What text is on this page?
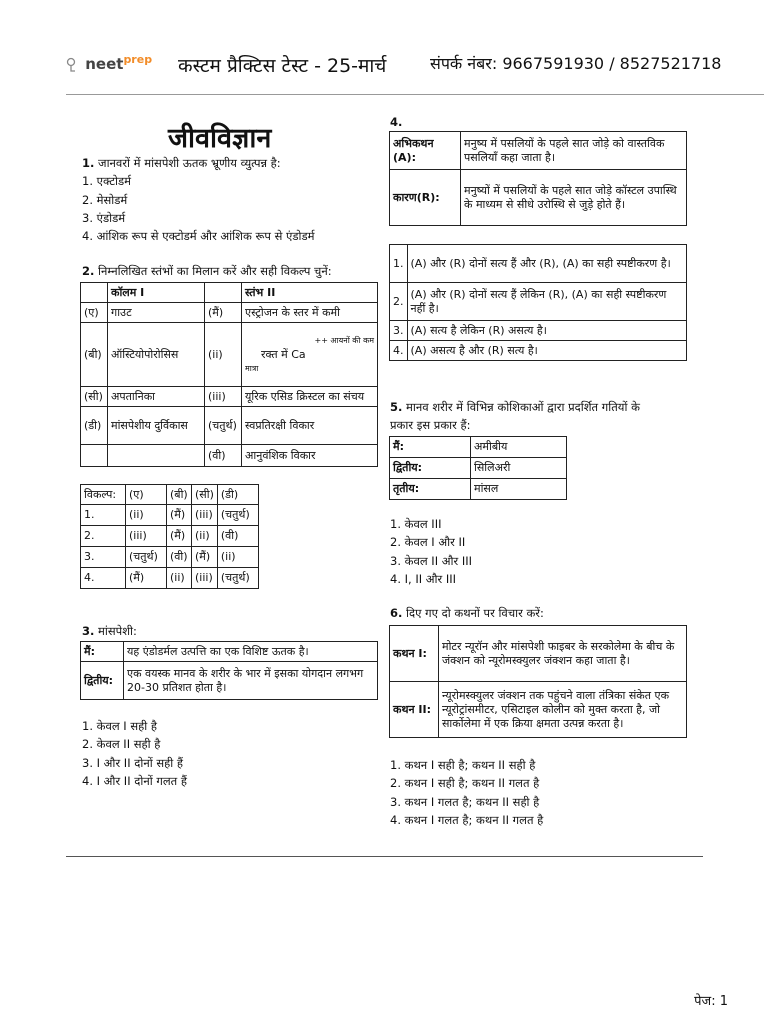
neet$^{prep}$ कस्टम प्रैक्टिस टेस्ट - 25-मार्च	संपर्क नंबर: 9667591930 / 8527521718
जीवविज्ञान
1. जानवरों में मांसपेशी ऊतक भ्रूणीय व्युत्पन्न है:
1. एक्टोडर्म
2. मेसोडर्म
3. एंडोडर्म
4. आंशिक रूप से एक्टोडर्म और आंशिक रूप से एंडोडर्म
2. निम्नलिखित स्तंभों का मिलान करें और सही विकल्प चुनें:
	कॉलम I		स्तंभ II
(ए)	गाउट	(मैं)	एस्ट्रोजन के स्तर में कमी
(बी)	ऑस्टियोपोरोसिस	(ii)	++ आयनों की कम
रक्त में Ca
मात्रा

(सी)	अपतानिका	(iii)	यूरिक एसिड क्रिस्टल का संचय
(डी)	मांसपेशीय दुर्विकास	(चतुर्थ)	स्वप्रतिरक्षी विकार
		(वी)	आनुवंशिक विकार
विकल्प:	(ए)	(बी)	(सी)	(डी)
1.	(ii)	(मैं)	(iii)	(चतुर्थ)
2.	(iii)	(मैं)	(ii)	(वी)
3.	(चतुर्थ)	(वी)	(मैं)	(ii)
4.	(मैं)	(ii)	(iii)	(चतुर्थ)
3. मांसपेशी:
मैं:	यह एंडोडर्मल उत्पत्ति का एक विशिष्ट ऊतक है।
द्वितीय:	एक वयस्क मानव के शरीर के भार में इसका योगदान लगभग 20-30 प्रतिशत होता है।
1. केवल I सही है
2. केवल II सही है
3. I और II दोनों सही हैं
4. I और II दोनों गलत हैं
4.
अभिकथन (A):	मनुष्य में पसलियों के पहले सात जोड़े को वास्तविक पसलियाँ कहा जाता है।
कारण(R):	मनुष्यों में पसलियों के पहले सात जोड़े कॉस्टल उपास्थि के माध्यम से सीधे उरोस्थि से जुड़े होते हैं।
1.	(A) और (R) दोनों सत्य हैं और (R), (A) का सही स्पष्टीकरण है।
2.	(A) और (R) दोनों सत्य हैं लेकिन (R), (A) का सही स्पष्टीकरण नहीं है।
3.	(A) सत्य है लेकिन (R) असत्य है।
4.	(A) असत्य है और (R) सत्य है।
5. मानव शरीर में विभिन्न कोशिकाओं द्वारा प्रदर्शित गतियों के
प्रकार इस प्रकार हैं:
मैं:	अमीबीय
द्वितीय:	सिलिअरी
तृतीय:	मांसल
1. केवल III
2. केवल I और II
3. केवल II और III
4. I, II और III
6. दिए गए दो कथनों पर विचार करें:
कथन I:	मोटर न्यूरॉन और मांसपेशी फाइबर के सरकोलेमा के बीच के जंक्शन को न्यूरोमस्क्युलर जंक्शन कहा जाता है।
कथन II:	न्यूरोमस्क्युलर जंक्शन तक पहुंचने वाला तंत्रिका संकेत एक न्यूरोट्रांसमीटर, एसिटाइल कोलीन को मुक्त करता है, जो सार्कोलेमा में एक क्रिया क्षमता उत्पन्न करता है।
1. कथन I सही है; कथन II सही है
2. कथन I सही है; कथन II गलत है
3. कथन I गलत है; कथन II सही है
4. कथन I गलत है; कथन II गलत है
पेज: 1
